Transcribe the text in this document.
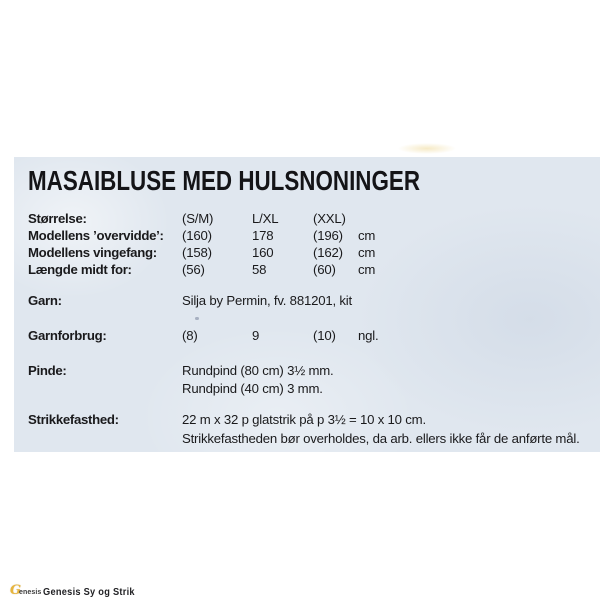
MASAIBLUSE MED HULSNONINGER
Størrelse:	(S/M)	L/XL	(XXL)
Modellens ’overvidde’: (160)	178	(196) cm
Modellens vingefang: (158)	160	(162) cm
Længde midt for:	(56)	58	(60) cm
Garn:	Silja by Permin, fv. 881201, kit
Garnforbrug:	(8)	9	(10) ngl.
Pinde:	Rundpind (80 cm) 3½ mm.
Rundpind (40 cm) 3 mm.
Strikkefasthed:	22 m x 32 p glatstrik på p 3½ = 10 x 10 cm.
Strikkefastheden bør overholdes, da arb. ellers ikke får de anførte mål.
G
enesis Genesis Sy og Strik
